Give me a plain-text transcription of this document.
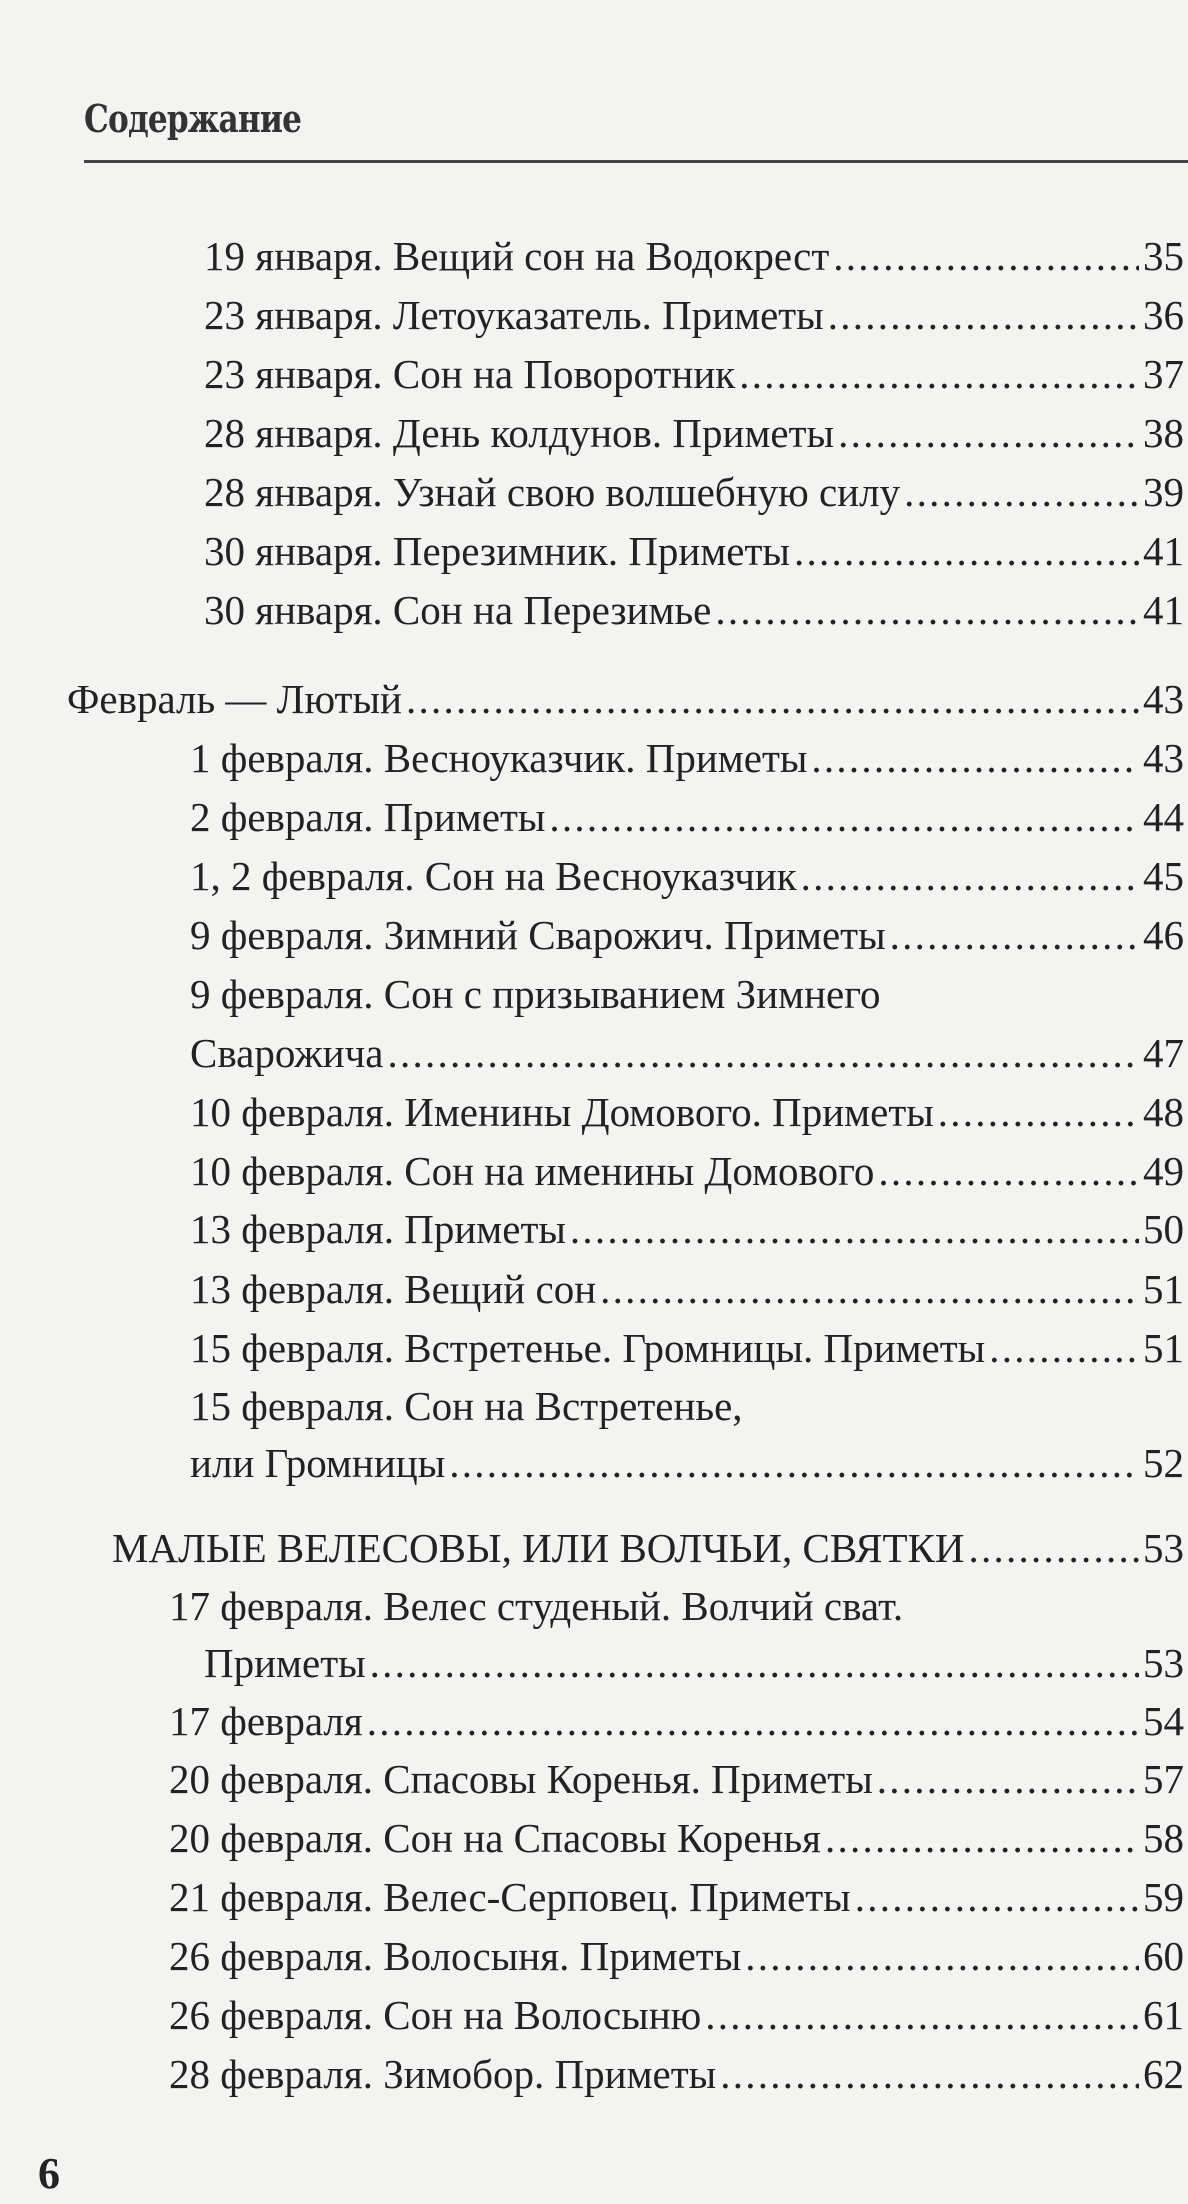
Содержание
19 января. Вещий сон на Водокрест . . .	35
23 января. Летоуказатель. Приметы . . .	36
23 января. Сон на Поворотник . . .	37
28 января. День колдунов. Приметы . . .	38
28 января. Узнай свою волшебную силу . . .	39
30 января. Перезимник. Приметы . . .	41
30 января. Сон на Перезимье . . .	41
Февраль — Лютый . . .	43
1 февраля. Весноуказчик. Приметы . . .	43
2 февраля. Приметы . . .	44
1, 2 февраля. Сон на Весноуказчик . . .	45
9 февраля. Зимний Сварожич. Приметы . . .	46
9 февраля. Сон с призыванием Зимнего
Сварожича . . .	47
10 февраля. Именины Домового. Приметы . . .	48
10 февраля. Сон на именины Домового . . .	49
13 февраля. Приметы . . .	50
13 февраля. Вещий сон . . .	51
15 февраля. Встретенье. Громницы. Приметы . . .	51
15 февраля. Сон на Встретенье,
или Громницы . . .	52
МАЛЫЕ ВЕЛЕСОВЫ, ИЛИ ВОЛЧЬИ, СВЯТКИ . . .	53
17 февраля. Велес студеный. Волчий сват.
Приметы . . .	53
17 февраля . . .	54
20 февраля. Спасовы Коренья. Приметы . . .	57
20 февраля. Сон на Спасовы Коренья . . .	58
21 февраля. Велес-Серповец. Приметы . . .	59
26 февраля. Волосыня. Приметы . . .	60
26 февраля. Сон на Волосыню . . .	61
28 февраля. Зимобор. Приметы . . .	62
6
